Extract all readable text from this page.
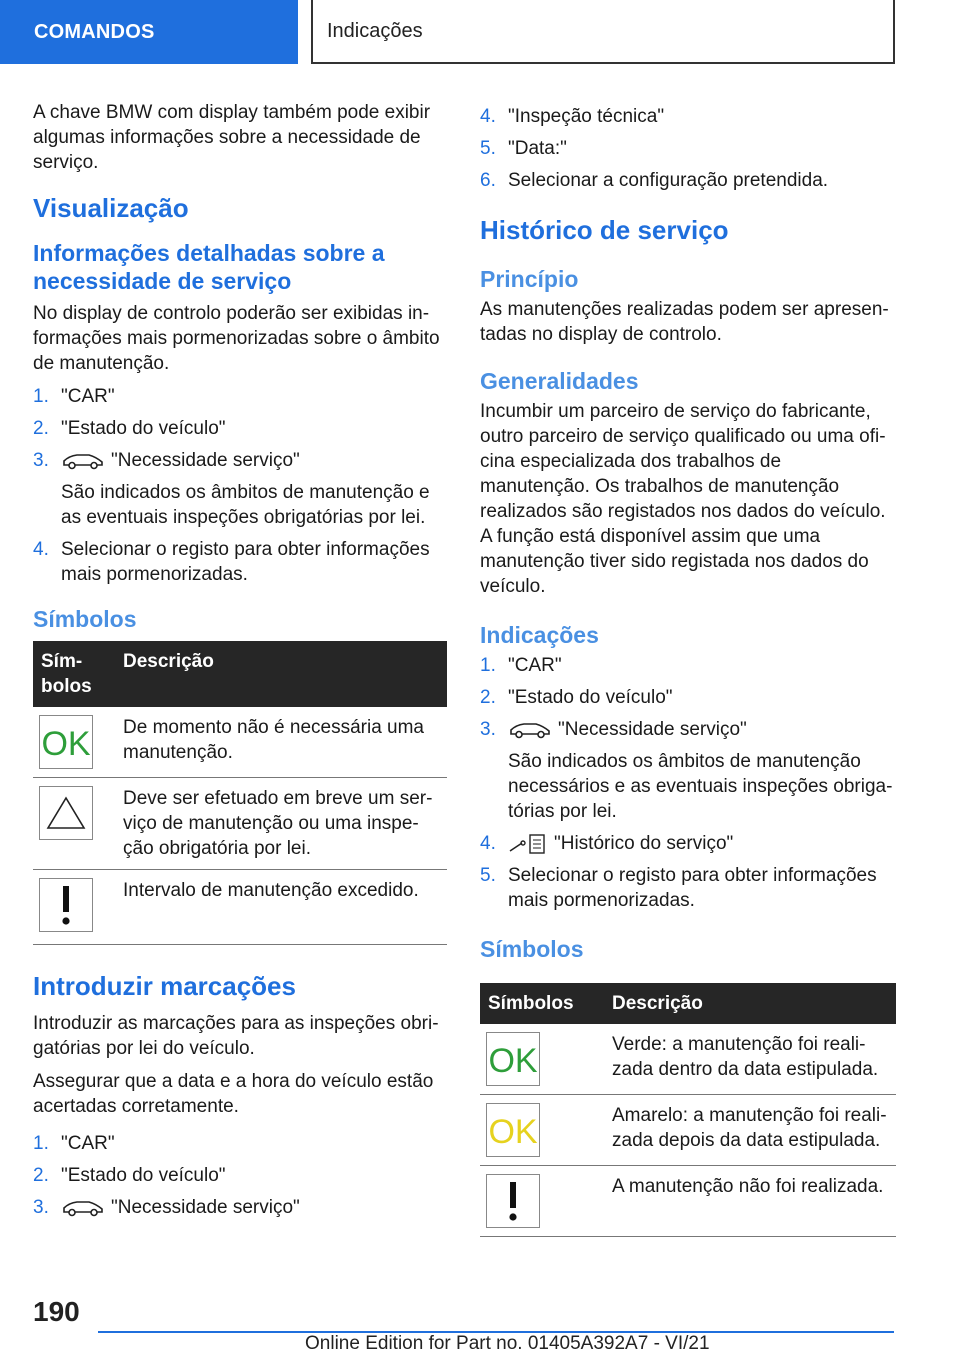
COMANDOS	Indicações

A chave BMW com display também pode exibir algumas informações sobre a necessidade de serviço.

Visualização
Informações detalhadas sobre a necessidade de serviço

No display de controlo poderão ser exibidas informações mais pormenorizadas sobre o âmbito de manutenção.

1. "CAR"
2. "Estado do veículo"
3.	"Necessidade serviço"
São indicados os âmbitos de manutenção e as eventuais inspeções obrigatórias por lei.
4. Selecionar o registo para obter informações mais pormenorizadas.
Símbolos
Sím-bolos	Descrição

OK	De momento não é necessária uma manutenção.

	Deve ser efetuado em breve um serviço de manutenção ou uma inspeção obrigatória por lei.

	Intervalo de manutenção excedido.
Introduzir marcações

Introduzir as marcações para as inspeções obrigatórias por lei do veículo.

Assegurar que a data e a hora do veículo estão acertadas corretamente.

1. "CAR"
2. "Estado do veículo"
3.	"Necessidade serviço"
4. "Inspeção técnica"
5. "Data:"
6. Selecionar a configuração pretendida.
Histórico de serviço
Princípio

As manutenções realizadas podem ser apresentadas no display de controlo.

Generalidades

Incumbir um parceiro de serviço do fabricante, outro parceiro de serviço qualificado ou uma oficina especializada dos trabalhos de manutenção. Os trabalhos de manutenção realizados são registados nos dados do veículo. A função está disponível assim que uma manutenção tiver sido registada nos dados do veículo.

Indicações
1. "CAR"
2. "Estado do veículo"
3.	"Necessidade serviço"
São indicados os âmbitos de manutenção necessários e as eventuais inspeções obrigatórias por lei.
4.	"Histórico do serviço"
5. Selecionar o registo para obter informações mais pormenorizadas.
Símbolos
Símbolos	Descrição

OK	Verde: a manutenção foi realizada dentro da data estipulada.

OK	Amarelo: a manutenção foi realizada depois da data estipulada.

	A manutenção não foi realizada.
190
Online Edition for Part no. 01405A392A7 - VI/21
